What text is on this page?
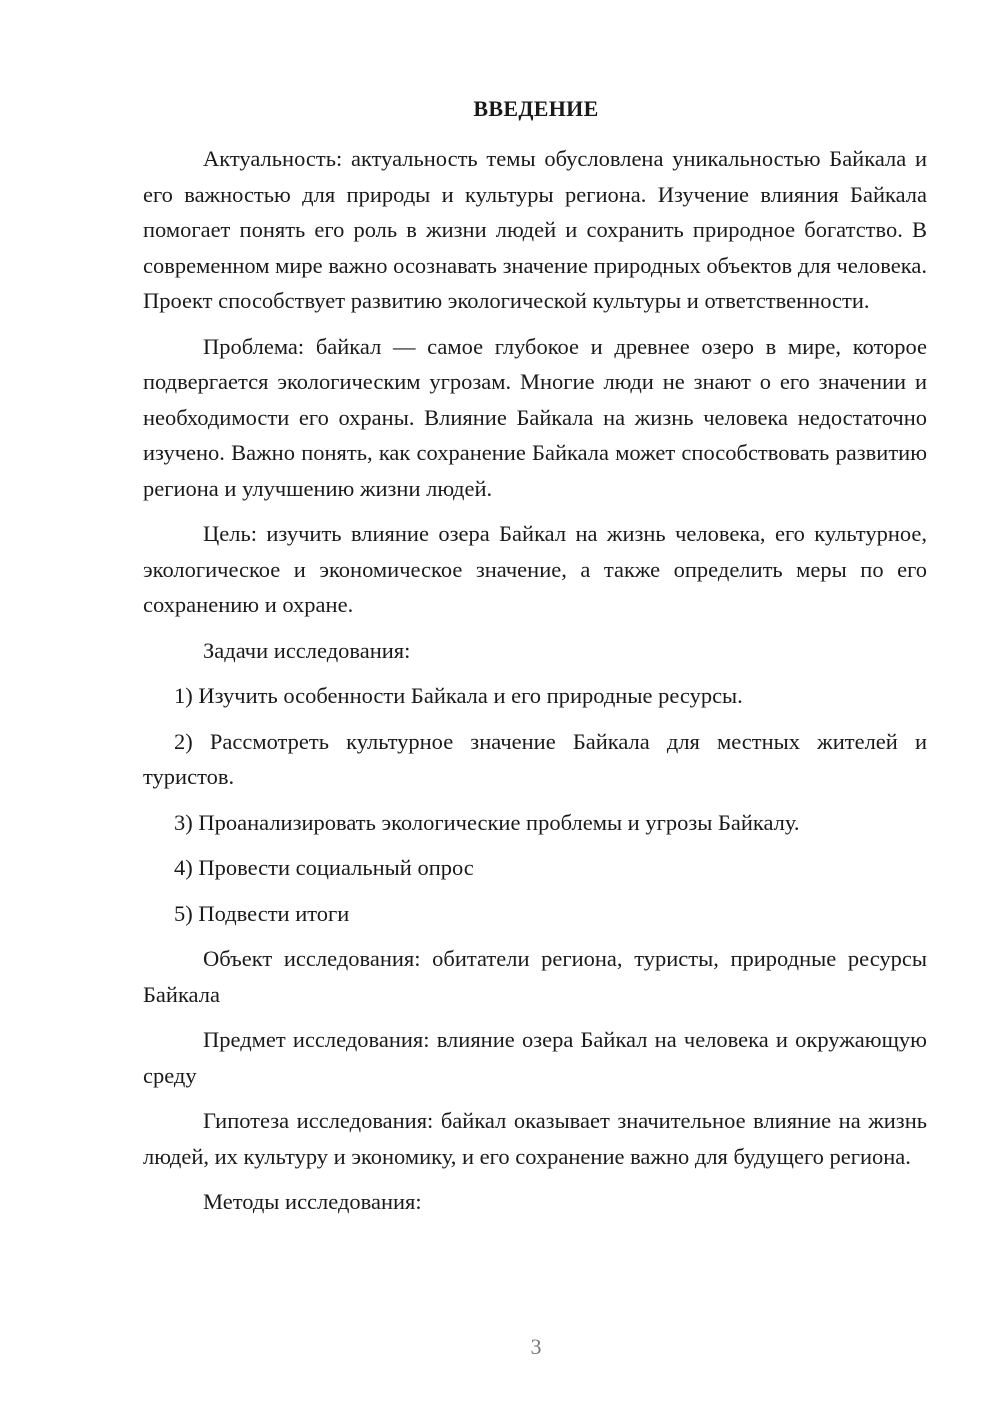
ВВЕДЕНИЕ

Актуальность: актуальность темы обусловлена уникальностью Байкала и его важностью для природы и культуры региона. Изучение влияния Байкала помогает понять его роль в жизни людей и сохранить природное богатство. В современном мире важно осознавать значение природных объектов для человека. Проект способствует развитию экологической культуры и ответственности.

Проблема: байкал — самое глубокое и древнее озеро в мире, которое подвергается экологическим угрозам. Многие люди не знают о его значении и необходимости его охраны. Влияние Байкала на жизнь человека недостаточно изучено. Важно понять, как сохранение Байкала может способствовать развитию региона и улучшению жизни людей.

Цель: изучить влияние озера Байкал на жизнь человека, его культурное, экологическое и экономическое значение, а также определить меры по его сохранению и охране.

Задачи исследования:

1) Изучить особенности Байкала и его природные ресурсы.

2) Рассмотреть культурное значение Байкала для местных жителей и туристов.

3) Проанализировать экологические проблемы и угрозы Байкалу.

4) Провести социальный опрос

5) Подвести итоги

Объект исследования: обитатели региона, туристы, природные ресурсы Байкала

Предмет исследования: влияние озера Байкал на человека и окружающую среду

Гипотеза исследования: байкал оказывает значительное влияние на жизнь людей, их культуру и экономику, и его сохранение важно для будущего региона.

Методы исследования:

3
